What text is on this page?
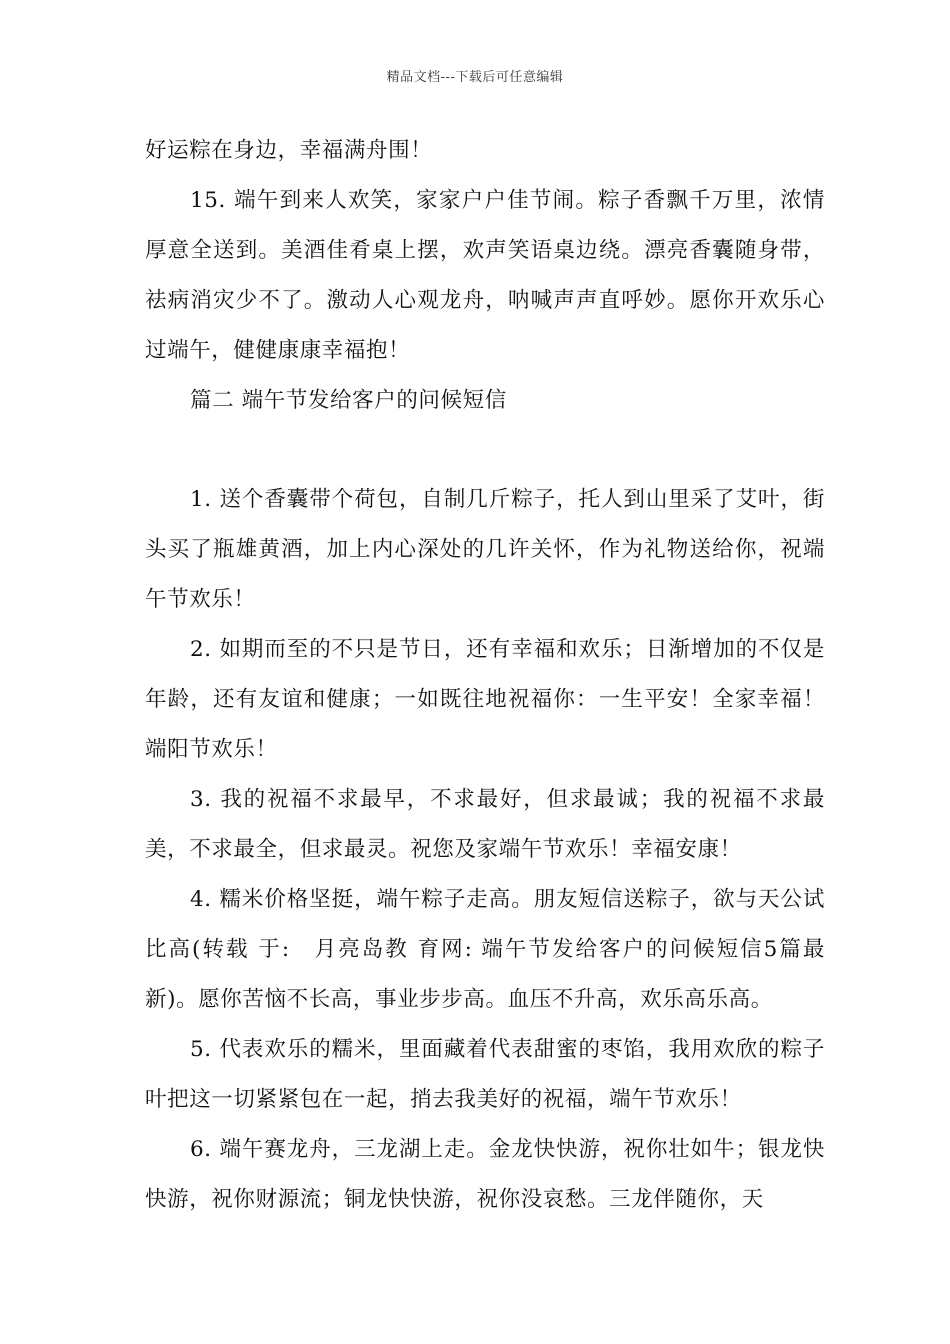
精品文档---下载后可任意编辑

好运粽在身边，幸福满舟围！

15. 端午到来人欢笑，家家户户佳节闹。粽子香飘千万里，浓情厚意全送到。美酒佳肴桌上摆，欢声笑语桌边绕。漂亮香囊随身带，祛病消灾少不了。激动人心观龙舟，呐喊声声直呼妙。愿你开欢乐心过端午，健健康康幸福抱！

篇二 端午节发给客户的问候短信

1. 送个香囊带个荷包，自制几斤粽子，托人到山里采了艾叶，街头买了瓶雄黄酒，加上内心深处的几许关怀，作为礼物送给你，祝端午节欢乐！

2. 如期而至的不只是节日，还有幸福和欢乐；日渐增加的不仅是年龄，还有友谊和健康；一如既往地祝福你：一生平安！全家幸福！端阳节欢乐！

3. 我的祝福不求最早，不求最好，但求最诚；我的祝福不求最美，不求最全，但求最灵。祝您及家端午节欢乐！幸福安康！

4. 糯米价格坚挺，端午粽子走高。朋友短信送粽子，欲与天公试比高(转载 于:　月亮岛教 育网: 端午节发给客户的问候短信5篇最新)。愿你苦恼不长高，事业步步高。血压不升高，欢乐高乐高。

5. 代表欢乐的糯米，里面藏着代表甜蜜的枣馅，我用欢欣的粽子叶把这一切紧紧包在一起，捎去我美好的祝福，端午节欢乐！

6. 端午赛龙舟，三龙湖上走。金龙快快游，祝你壮如牛；银龙快快游，祝你财源流；铜龙快快游，祝你没哀愁。三龙伴随你，天
